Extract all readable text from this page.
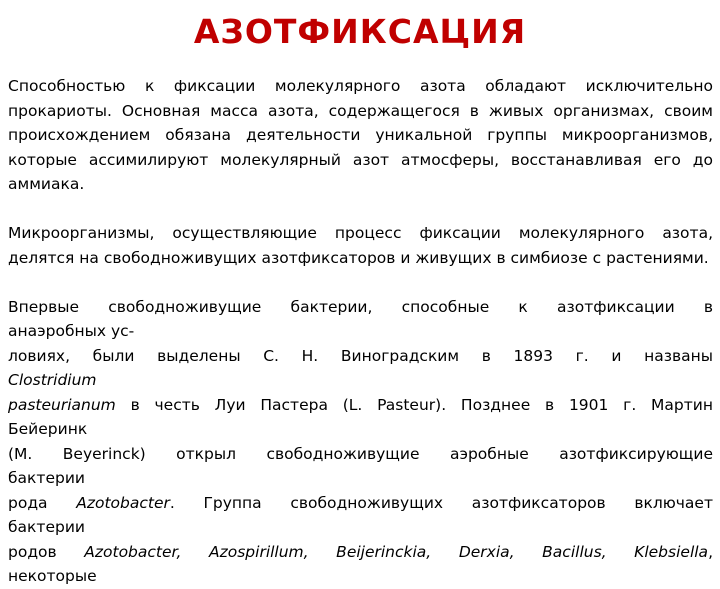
АЗОТФИКСАЦИЯ

Способностью к фиксации молекулярного азота обладают исключительно прокариоты. Основная масса азота, содержащегося в живых организмах, своим происхождением обязана деятельности уникальной группы микроорганизмов, которые ассимилируют молекулярный азот атмосферы, восстанавливая его до аммиака.

Микроорганизмы, осуществляющие процесс фиксации молекулярного азота, делятся на свободноживущих азотфиксаторов и живущих в симбиозе с растениями.

Впервые свободноживущие бактерии, способные к азотфиксации в
анаэробных ус-
ловиях, были выделены С. Н. Виноградским в 1893 г. и названы
Clostridium
pasteurianum в честь Луи Пастера (L. Pasteur). Позднее в 1901 г. Мартин
Бейеринк
(M. Beyerinck) открыл свободноживущие аэробные азотфиксирующие
бактерии
рода Azotobacter. Группа свободноживущих азотфиксаторов включает
бактерии
родов Azotobacter, Azospirillum, Beijerinckia, Derxia, Bacillus, Klebsiella,
некоторые
